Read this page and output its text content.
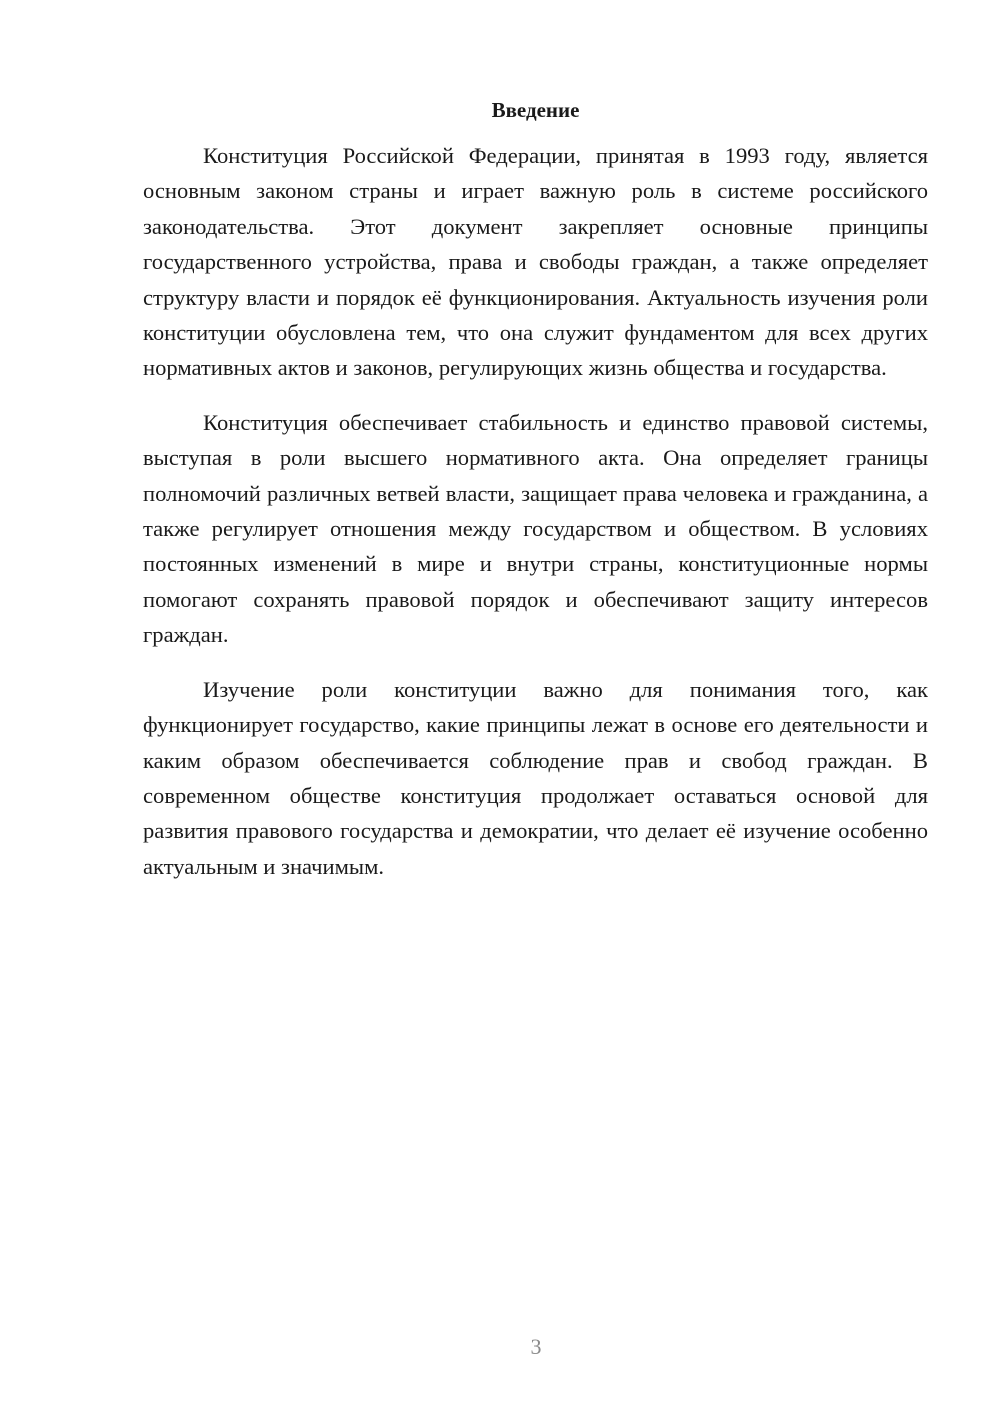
Введение

Конституция Российской Федерации, принятая в 1993 году, является основным законом страны и играет важную роль в системе российского законодательства. Этот документ закрепляет основные принципы государственного устройства, права и свободы граждан, а также определяет структуру власти и порядок её функционирования. Актуальность изучения роли конституции обусловлена тем, что она служит фундаментом для всех других нормативных актов и законов, регулирующих жизнь общества и государства.

Конституция обеспечивает стабильность и единство правовой системы, выступая в роли высшего нормативного акта. Она определяет границы полномочий различных ветвей власти, защищает права человека и гражданина, а также регулирует отношения между государством и обществом. В условиях постоянных изменений в мире и внутри страны, конституционные нормы помогают сохранять правовой порядок и обеспечивают защиту интересов граждан.

Изучение роли конституции важно для понимания того, как функционирует государство, какие принципы лежат в основе его деятельности и каким образом обеспечивается соблюдение прав и свобод граждан. В современном обществе конституция продолжает оставаться основой для развития правового государства и демократии, что делает её изучение особенно актуальным и значимым.

3
